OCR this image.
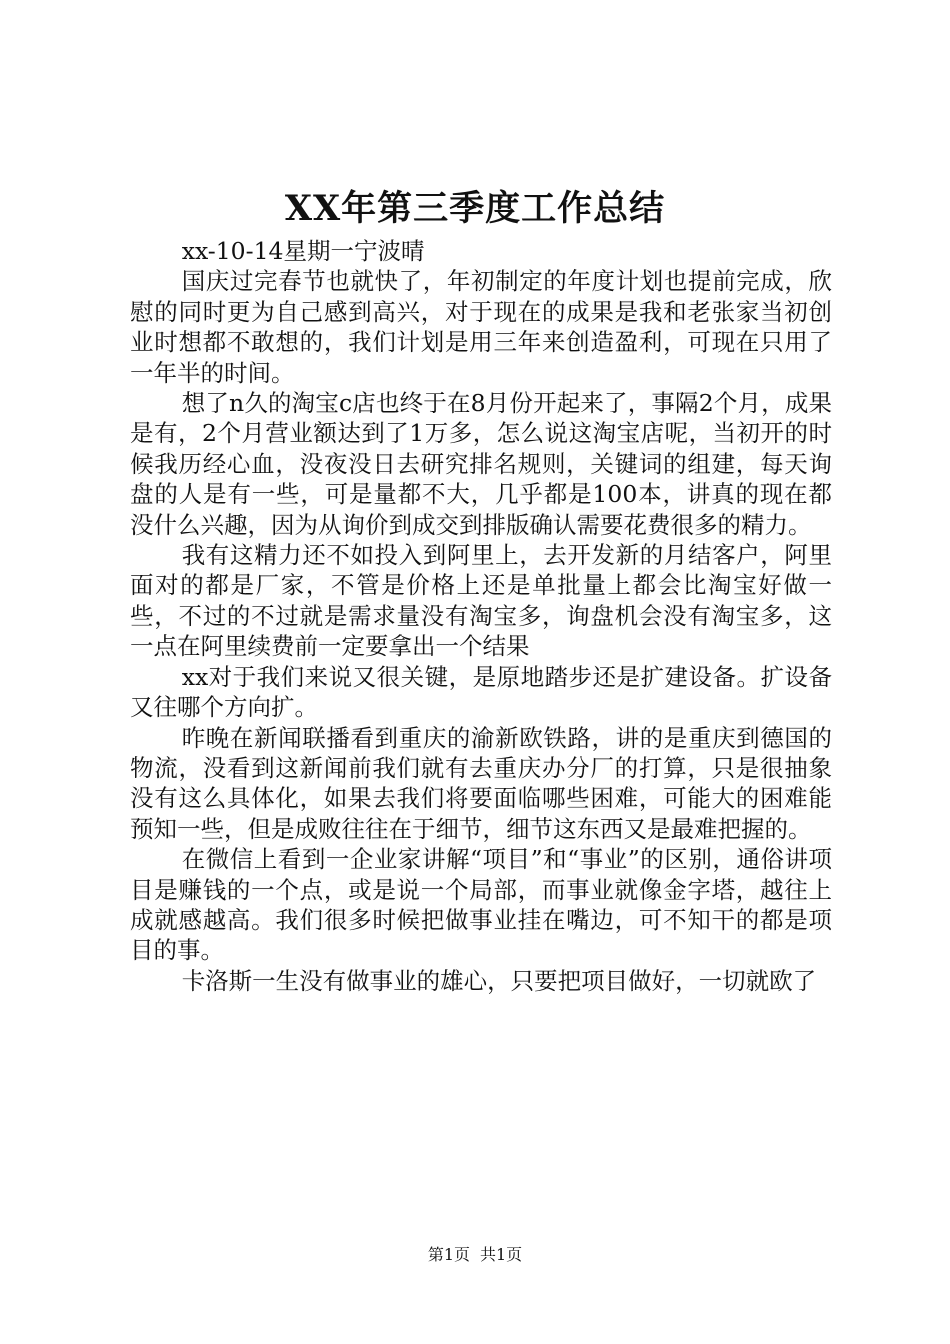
XX年第三季度工作总结

xx-10-14星期一宁波晴

国庆过完春节也就快了，年初制定的年度计划也提前完成，欣慰的同时更为自己感到高兴，对于现在的成果是我和老张家当初创业时想都不敢想的，我们计划是用三年来创造盈利，可现在只用了一年半的时间。

想了n久的淘宝c店也终于在8月份开起来了，事隔2个月，成果是有，2个月营业额达到了1万多，怎么说这淘宝店呢，当初开的时候我历经心血，没夜没日去研究排名规则，关键词的组建，每天询盘的人是有一些，可是量都不大，几乎都是100本，讲真的现在都没什么兴趣，因为从询价到成交到排版确认需要花费很多的精力。

我有这精力还不如投入到阿里上，去开发新的月结客户，阿里面对的都是厂家，不管是价格上还是单批量上都会比淘宝好做一些，不过的不过就是需求量没有淘宝多，询盘机会没有淘宝多，这一点在阿里续费前一定要拿出一个结果

xx对于我们来说又很关键，是原地踏步还是扩建设备。扩设备又往哪个方向扩。

昨晚在新闻联播看到重庆的渝新欧铁路，讲的是重庆到德国的物流，没看到这新闻前我们就有去重庆办分厂的打算，只是很抽象没有这么具体化，如果去我们将要面临哪些困难，可能大的困难能预知一些，但是成败往往在于细节，细节这东西又是最难把握的。

在微信上看到一企业家讲解“项目”和“事业”的区别，通俗讲项目是赚钱的一个点，或是说一个局部，而事业就像金字塔，越往上成就感越高。我们很多时候把做事业挂在嘴边，可不知干的都是项目的事。

卡洛斯一生没有做事业的雄心，只要把项目做好，一切就欧了

第1页 共1页
